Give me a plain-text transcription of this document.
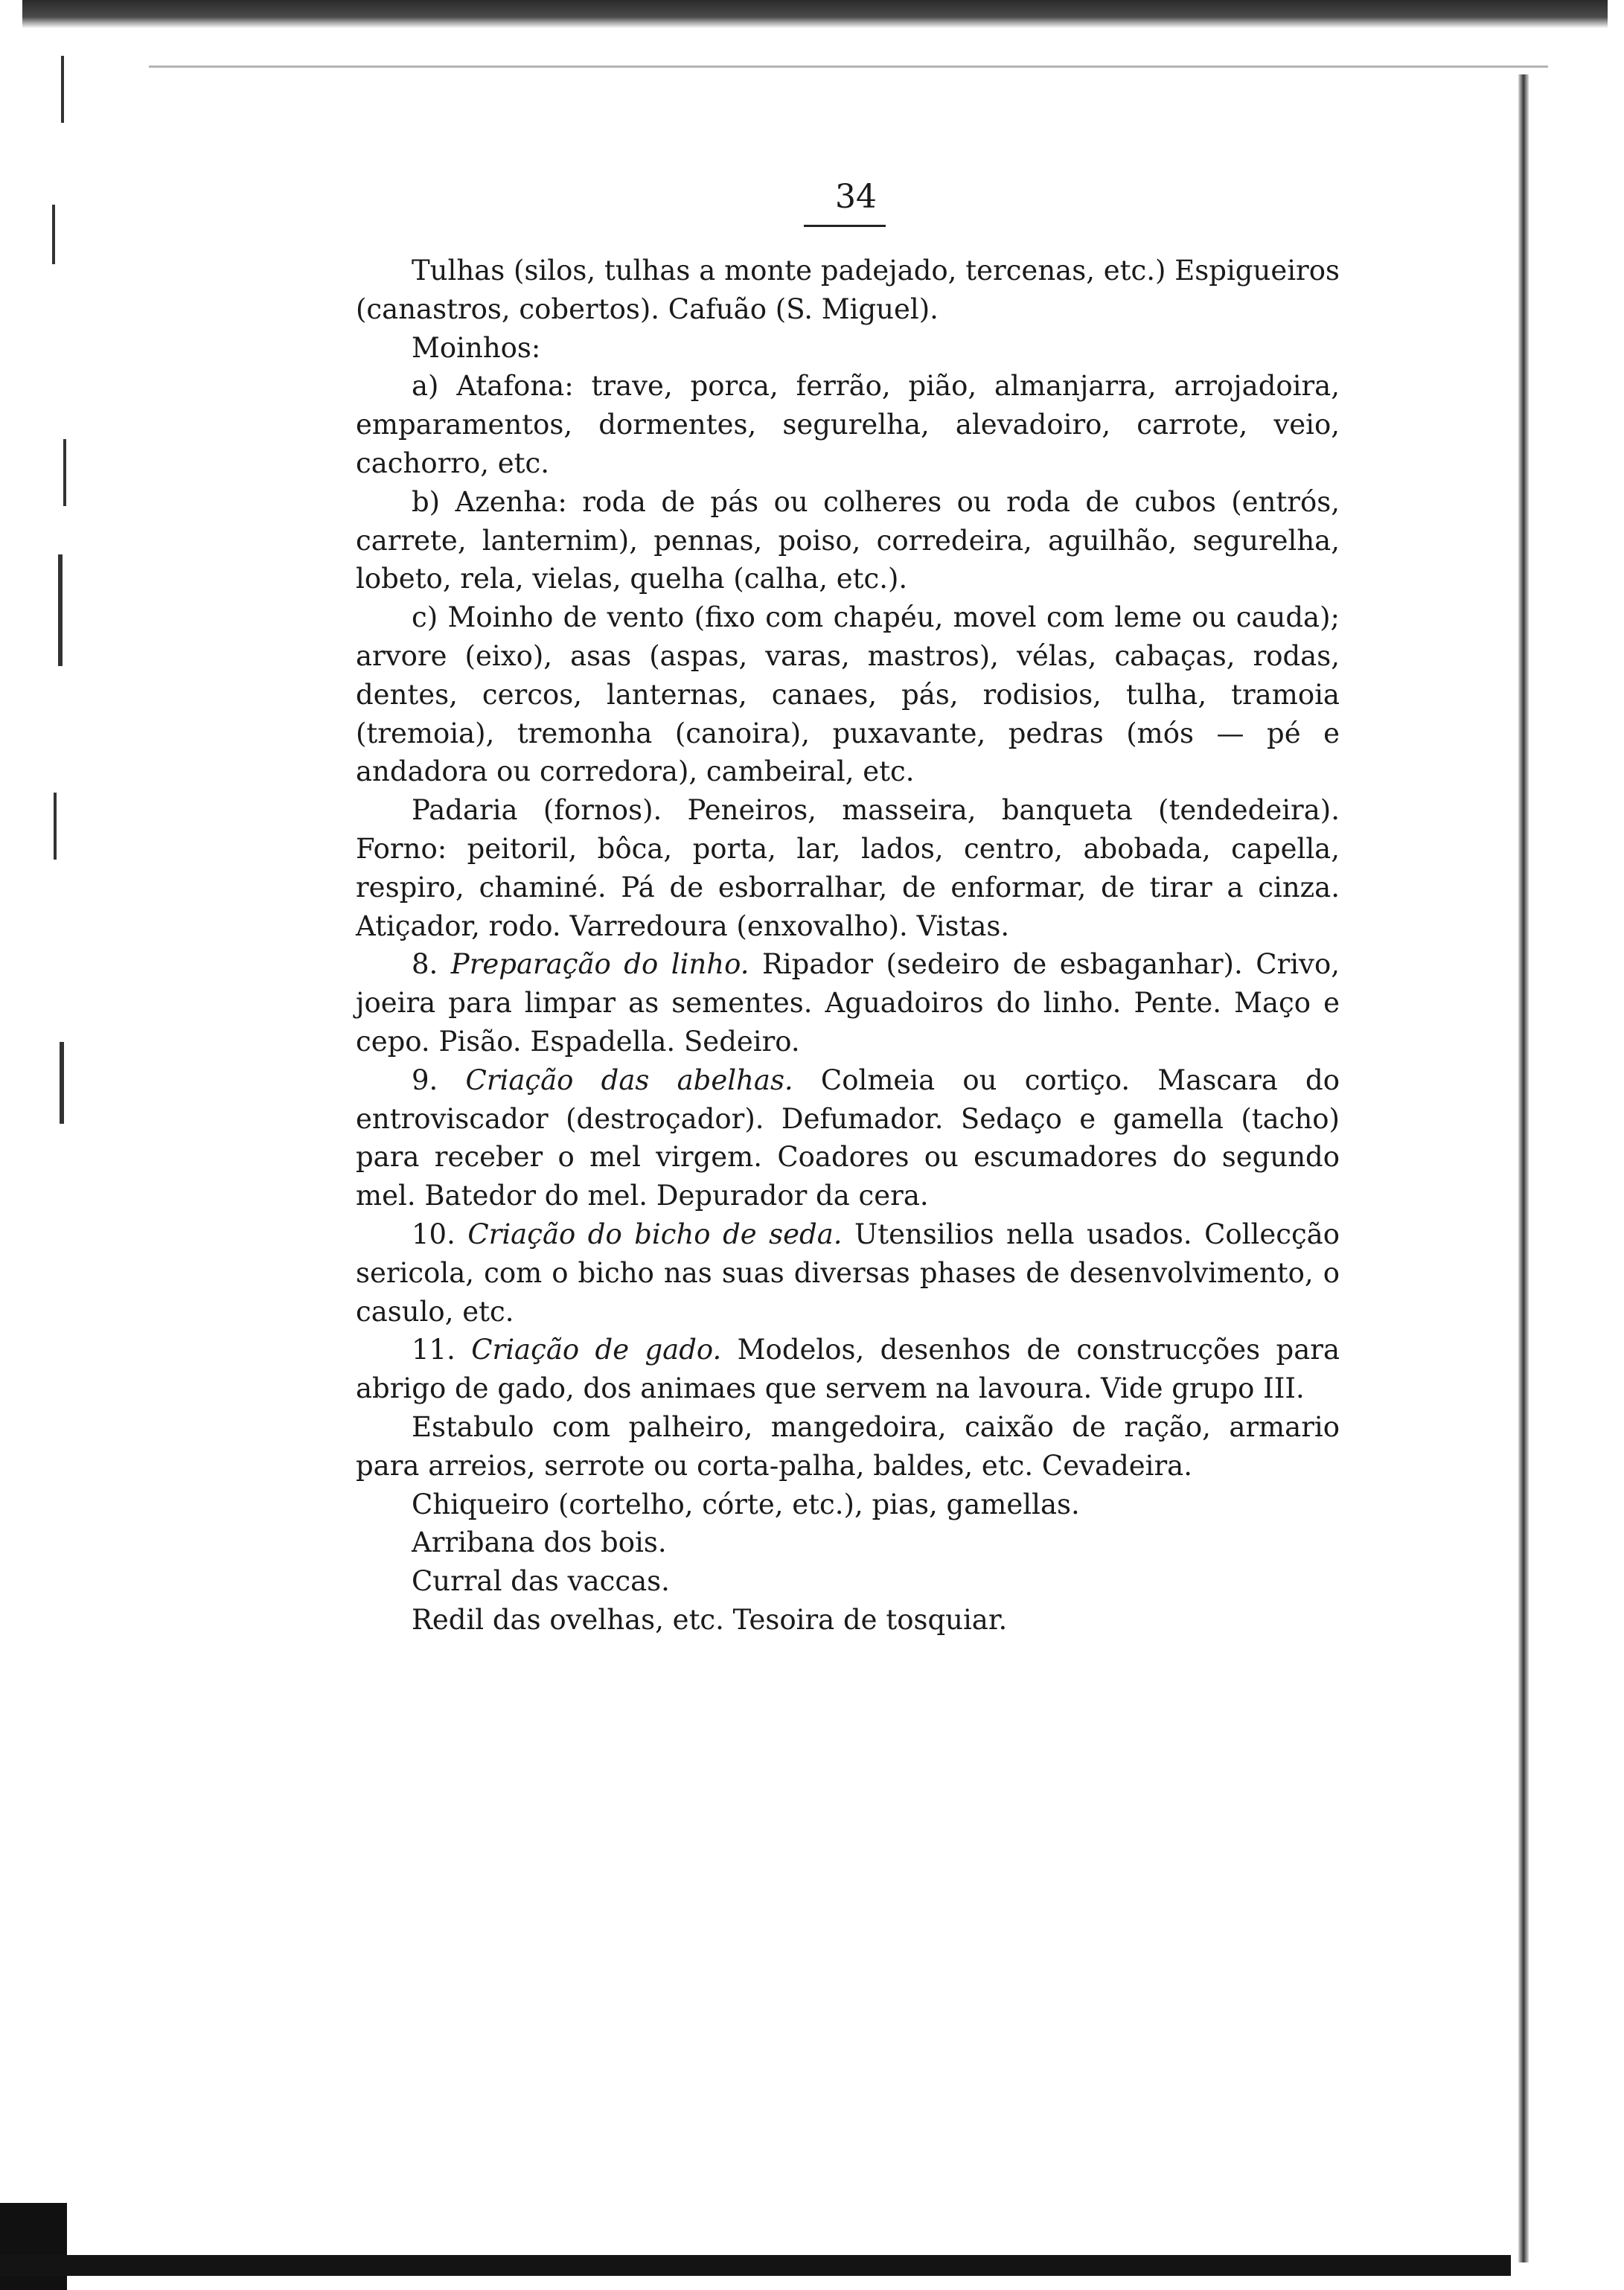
34

Tulhas (silos, tulhas a monte padejado, tercenas, etc.) Espigueiros (canastros, cobertos). Cafuão (S. Miguel).

Moinhos:

a) Atafona: trave, porca, ferrão, pião, almanjarra, arrojadoira, emparamentos, dormentes, segurelha, alevadoiro, carrote, veio, cachorro, etc.

b) Azenha: roda de pás ou colheres ou roda de cubos (entrós, carrete, lanternim), pennas, poiso, corredeira, aguilhão, segurelha, lobeto, rela, vielas, quelha (calha, etc.).

c) Moinho de vento (fixo com chapéu, movel com leme ou cauda); arvore (eixo), asas (aspas, varas, mastros), vélas, cabaças, rodas, dentes, cercos, lanternas, canaes, pás, rodisios, tulha, tramoia (tremoia), tremonha (canoira), puxavante, pedras (mós — pé e andadora ou corredora), cambeiral, etc.

Padaria (fornos). Peneiros, masseira, banqueta (tendedeira). Forno: peitoril, bôca, porta, lar, lados, centro, abobada, capella, respiro, chaminé. Pá de esborralhar, de enformar, de tirar a cinza. Atiçador, rodo. Varredoura (enxovalho). Vistas.

8. Preparação do linho. Ripador (sedeiro de esbaganhar). Crivo, joeira para limpar as sementes. Aguadoiros do linho. Pente. Maço e cepo. Pisão. Espadella. Sedeiro.

9. Criação das abelhas. Colmeia ou cortiço. Mascara do entroviscador (destroçador). Defumador. Sedaço e gamella (tacho) para receber o mel virgem. Coadores ou escumadores do segundo mel. Batedor do mel. Depurador da cera.

10. Criação do bicho de seda. Utensilios nella usados. Collecção sericola, com o bicho nas suas diversas phases de desenvolvimento, o casulo, etc.

11. Criação de gado. Modelos, desenhos de construcções para abrigo de gado, dos animaes que servem na lavoura. Vide grupo III.

Estabulo com palheiro, mangedoira, caixão de ração, armario para arreios, serrote ou corta-palha, baldes, etc. Cevadeira.

Chiqueiro (cortelho, córte, etc.), pias, gamellas.

Arribana dos bois.

Curral das vaccas.

Redil das ovelhas, etc. Tesoira de tosquiar.
